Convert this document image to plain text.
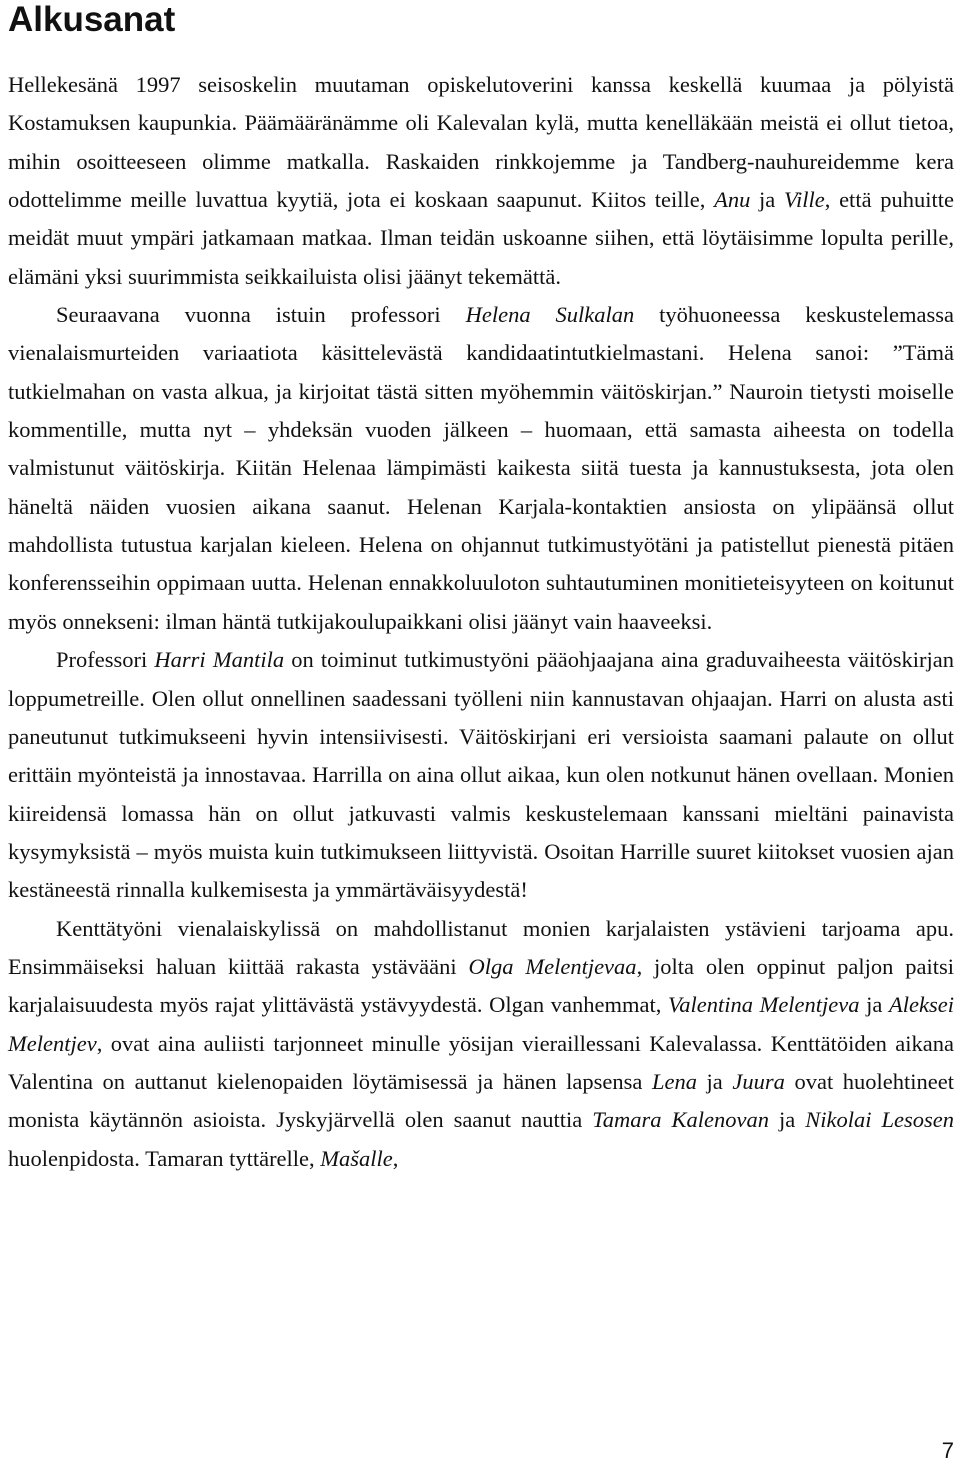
Alkusanat

Hellekesänä 1997 seisoskelin muutaman opiskelutoverini kanssa keskellä kuumaa ja pölyistä Kostamuksen kaupunkia. Päämääränämme oli Kalevalan kylä, mutta kenelläkään meistä ei ollut tietoa, mihin osoitteeseen olimme matkalla. Raskaiden rinkkojemme ja Tandberg-nauhureidemme kera odottelimme meille luvattua kyytiä, jota ei koskaan saapunut. Kiitos teille, Anu ja Ville, että puhuitte meidät muut ympäri jatkamaan matkaa. Ilman teidän uskoanne siihen, että löytäisimme lopulta perille, elämäni yksi suurimmista seikkailuista olisi jäänyt tekemättä.

Seuraavana vuonna istuin professori Helena Sulkalan työhuoneessa keskustelemassa vienalaismurteiden variaatiota käsittelevästä kandidaatintutkielmastani. Helena sanoi: ”Tämä tutkielmahan on vasta alkua, ja kirjoitat tästä sitten myöhemmin väitöskirjan.” Nauroin tietysti moiselle kommentille, mutta nyt – yhdeksän vuoden jälkeen – huomaan, että samasta aiheesta on todella valmistunut väitöskirja. Kiitän Helenaa lämpimästi kaikesta siitä tuesta ja kannustuksesta, jota olen häneltä näiden vuosien aikana saanut. Helenan Karjala-kontaktien ansiosta on ylipäänsä ollut mahdollista tutustua karjalan kieleen. Helena on ohjannut tutkimustyötäni ja patistellut pienestä pitäen konferensseihin oppimaan uutta. Helenan ennakkoluuloton suhtautuminen monitieteisyyteen on koitunut myös onnekseni: ilman häntä tutkijakoulupaikkani olisi jäänyt vain haaveeksi.

Professori Harri Mantila on toiminut tutkimustyöni pääohjaajana aina graduvaiheesta väitöskirjan loppumetreille. Olen ollut onnellinen saadessani työlleni niin kannustavan ohjaajan. Harri on alusta asti paneutunut tutkimukseeni hyvin intensiivisesti. Väitöskirjani eri versioista saamani palaute on ollut erittäin myönteistä ja innostavaa. Harrilla on aina ollut aikaa, kun olen notkunut hänen ovellaan. Monien kiireidensä lomassa hän on ollut jatkuvasti valmis keskustelemaan kanssani mieltäni painavista kysymyksistä – myös muista kuin tutkimukseen liittyvistä. Osoitan Harrille suuret kiitokset vuosien ajan kestäneestä rinnalla kulkemisesta ja ymmärtäväisyydestä!

Kenttätyöni vienalaiskylissä on mahdollistanut monien karjalaisten ystävieni tarjoama apu. Ensimmäiseksi haluan kiittää rakasta ystävääni Olga Melentjevaa, jolta olen oppinut paljon paitsi karjalaisuudesta myös rajat ylittävästä ystävyydestä. Olgan vanhemmat, Valentina Melentjeva ja Aleksei Melentjev, ovat aina auliisti tarjonneet minulle yösijan vieraillessani Kalevalassa. Kenttätöiden aikana Valentina on auttanut kielenopaiden löytämisessä ja hänen lapsensa Lena ja Juura ovat huolehtineet monista käytännön asioista. Jyskyjärvellä olen saanut nauttia Tamara Kalenovan ja Nikolai Lesosen huolenpidosta. Tamaran tyttärelle, Mašalle,

7
